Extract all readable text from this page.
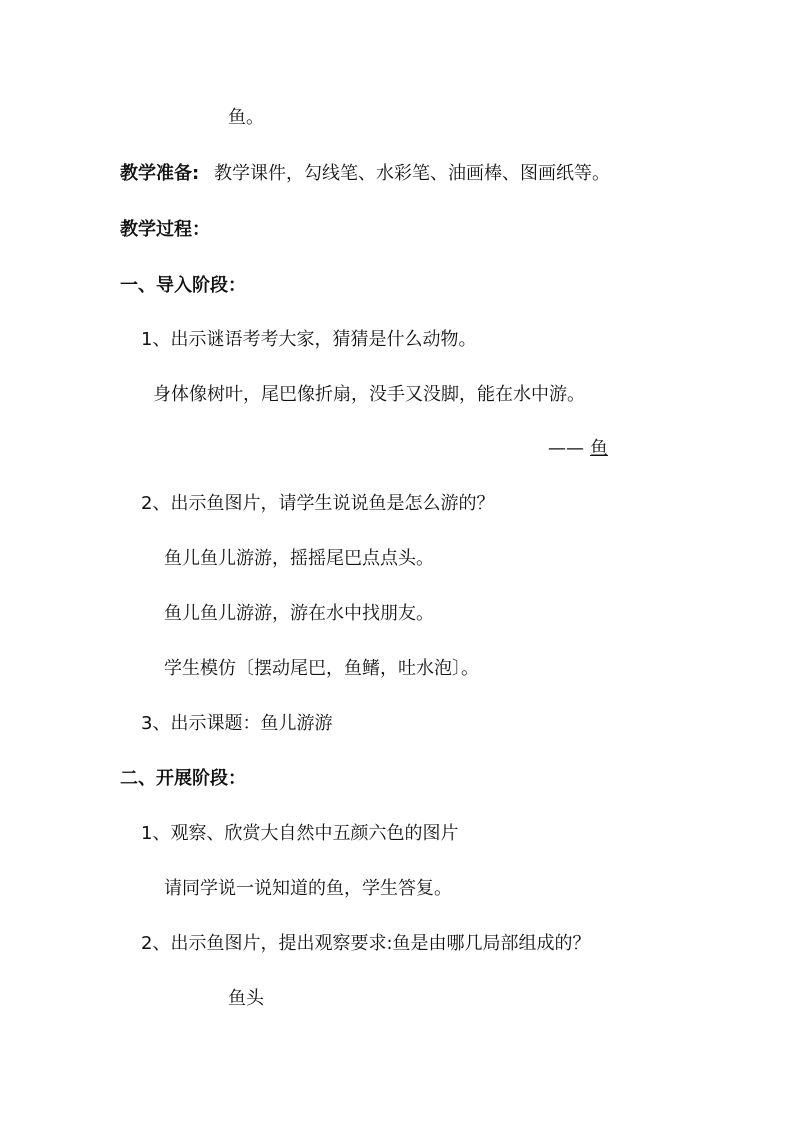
鱼。
教学准备: 教学课件，勾线笔、水彩笔、油画棒、图画纸等。
教学过程：
一、导入阶段：
1、出示谜语考考大家，猜猜是什么动物。
身体像树叶，尾巴像折扇，没手又没脚，能在水中游。
—— 鱼
2、出示鱼图片，请学生说说鱼是怎么游的？
鱼儿鱼儿游游，摇摇尾巴点点头。
鱼儿鱼儿游游，游在水中找朋友。
学生模仿〔摆动尾巴，鱼鳍，吐水泡〕。
3、出示课题：鱼儿游游
二、开展阶段：
1、观察、欣赏大自然中五颜六色的图片
请同学说一说知道的鱼，学生答复。
2、出示鱼图片，提出观察要求:鱼是由哪几局部组成的？
鱼头
